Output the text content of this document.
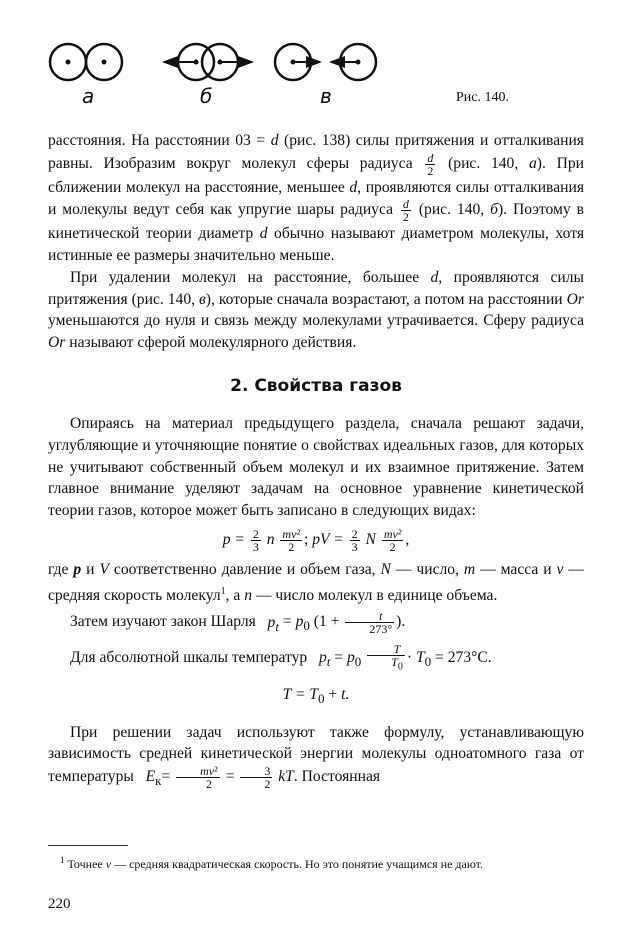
а	б	в	Рис. 140.

расстояния. На расстоянии 03 = d (рис. 138) силы притяжения и отталкивания равны. Изобразим вокруг молекул сферы радиуса $\frac{d}{2} (рис$. 140, а). При сближении молекул на расстояние, меньшее d, проявляются силы отталкивания и молекулы ведут себя как упругие шары радиуса $\frac{d}{2} (рис$. 140, б). Поэтому в кинетической теории диаметр d обычно называют диаметром молекулы, хотя истинные ее размеры значительно меньше.

При удалении молекул на расстояние, большее d, проявляются силы притяжения (рис. 140, в), которые сначала возрастают, а потом на расстоянии Or уменьшаются до нуля и связь между молекулами утрачивается. Сферу радиуса Or называют сферой молекулярного действия.

2. Свойства газов

Опираясь на материал предыдущего раздела, сначала решают задачи, углубляющие и уточняющие понятие о свойствах идеальных газов, для которых не учитывают собственный объем молекул и их взаимное притяжение. Затем главное внимание уделяют задачам на основное уравнение кинетической теории газов, которое может быть записано в следующих видах:

$p = \frac{2}{3}$ n $\frac{\text{mv²}}{2}$ ; pV = $\frac{2}{3}$ N $\frac{\text{mv²}}{2}$ ,

где p и V соответственно давление и объем газа, N — число, m — масса и v — средняя скорость молекул$^1$, а n — число молекул в единице объема.

Затем изучают закон Шарля $p_t = p_0$ ($1 + \frac{t}{273^\circ}$ ).

Для абсолютной шкалы температур $p_t = p_0 \frac{T}{T_0} \cdot T_0 = 273^\circ С$.

$T = T_0 + t$.

При решении задач используют также формулу, устанавливающую зависимость средней кинетической энергии молекулы одноатомного газа от температуры $E_к= \frac{\text{mv²}}{2} = \frac{3}{2}$ kT. Постоянная

$^1$ Точнее v — средняя квадратическая скорость. Но это понятие учащимся не дают.

220
